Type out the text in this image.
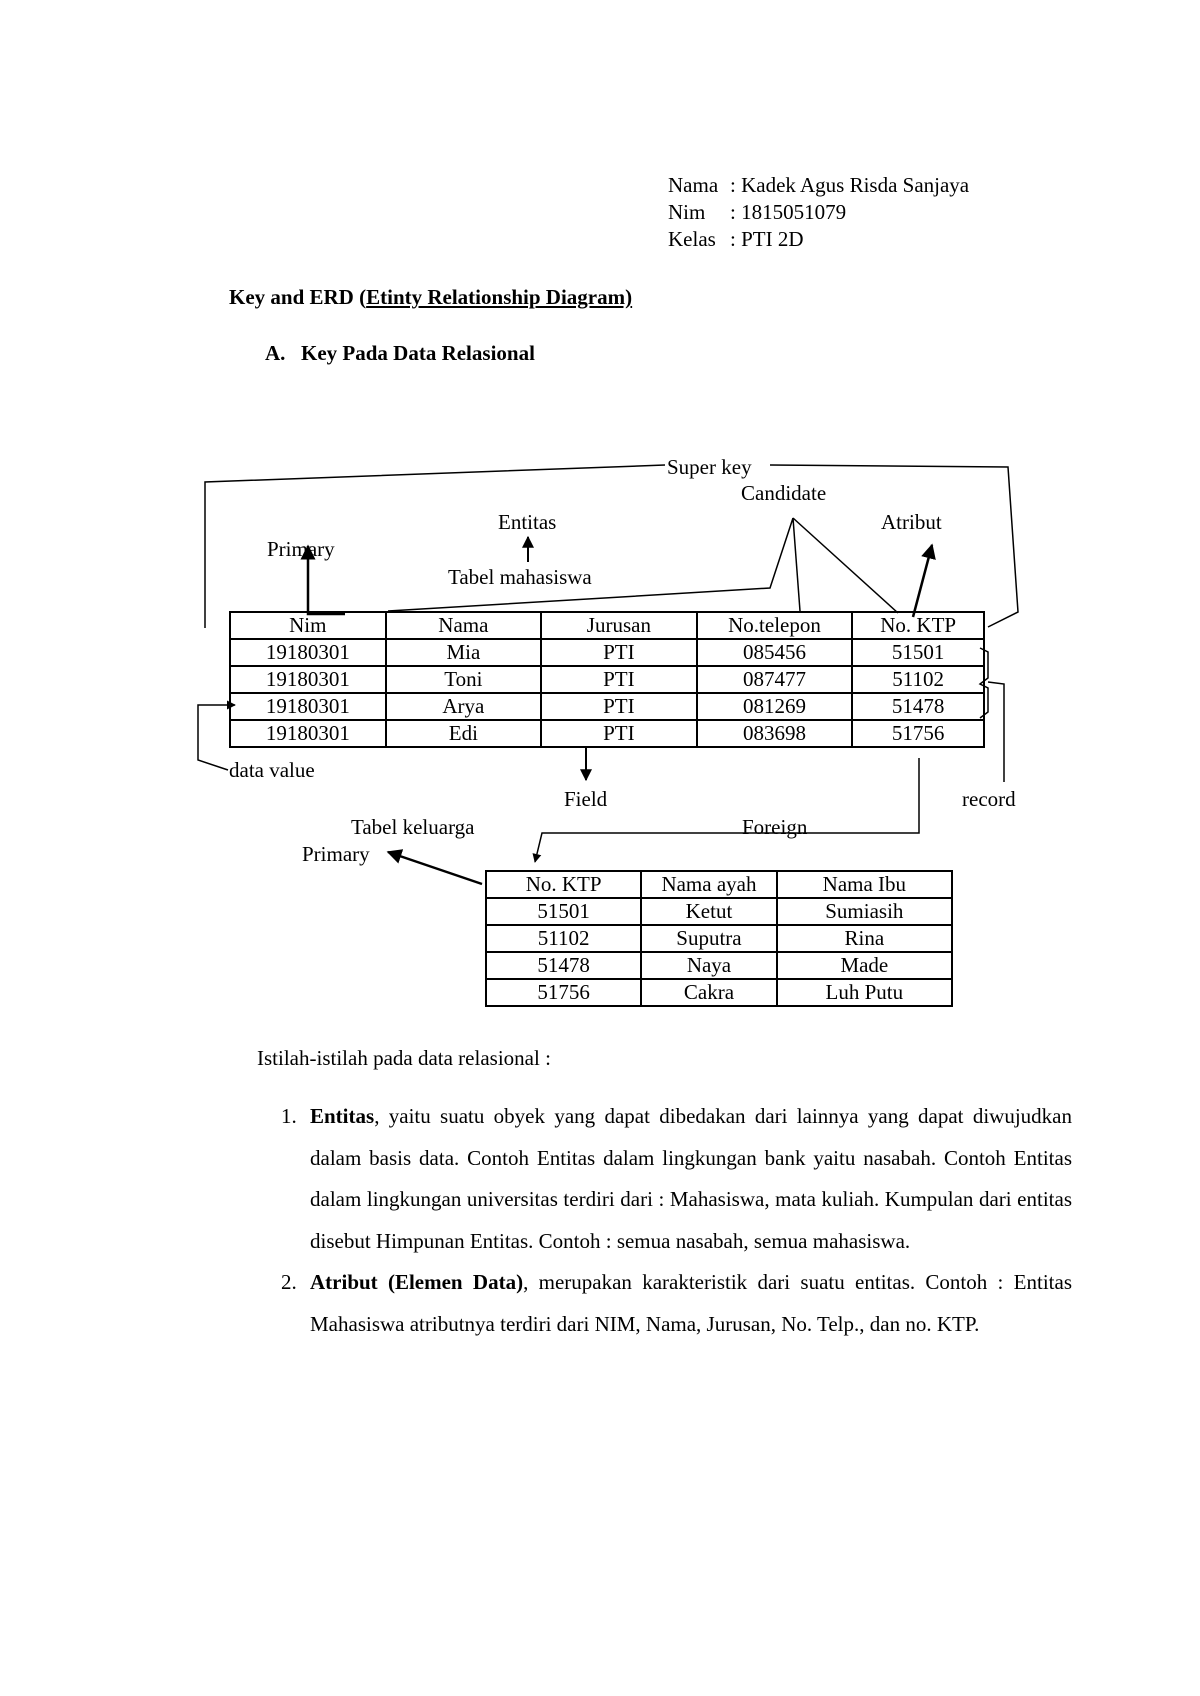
Nama : Kadek Agus Risda Sanjaya
Nim : 1815051079
Kelas : PTI 2D
Key and ERD (Etinty Relationship Diagram)
A. Key Pada Data Relasional
Super key
Candidate
Entitas	Atribut
Primary
Tabel mahasiswa
data value
Field	record
Tabel keluarga	Foreign
Primary
Nim	Nama	Jurusan	No.telepon	No. KTP
19180301	Mia	PTI	085456	51501
19180301	Toni	PTI	087477	51102
19180301	Arya	PTI	081269	51478
19180301	Edi	PTI	083698	51756
No. KTP	Nama ayah	Nama Ibu
51501	Ketut	Sumiasih
51102	Suputra	Rina
51478	Naya	Made
51756	Cakra	Luh Putu
Istilah-istilah pada data relasional :
1. Entitas, yaitu suatu obyek yang dapat dibedakan dari lainnya yang dapat diwujudkan dalam basis data. Contoh Entitas dalam lingkungan bank yaitu nasabah. Contoh Entitas dalam lingkungan universitas terdiri dari : Mahasiswa, mata kuliah. Kumpulan dari entitas disebut Himpunan Entitas. Contoh : semua nasabah, semua mahasiswa.
2. Atribut (Elemen Data), merupakan karakteristik dari suatu entitas. Contoh : Entitas Mahasiswa atributnya terdiri dari NIM, Nama, Jurusan, No. Telp., dan no. KTP.
